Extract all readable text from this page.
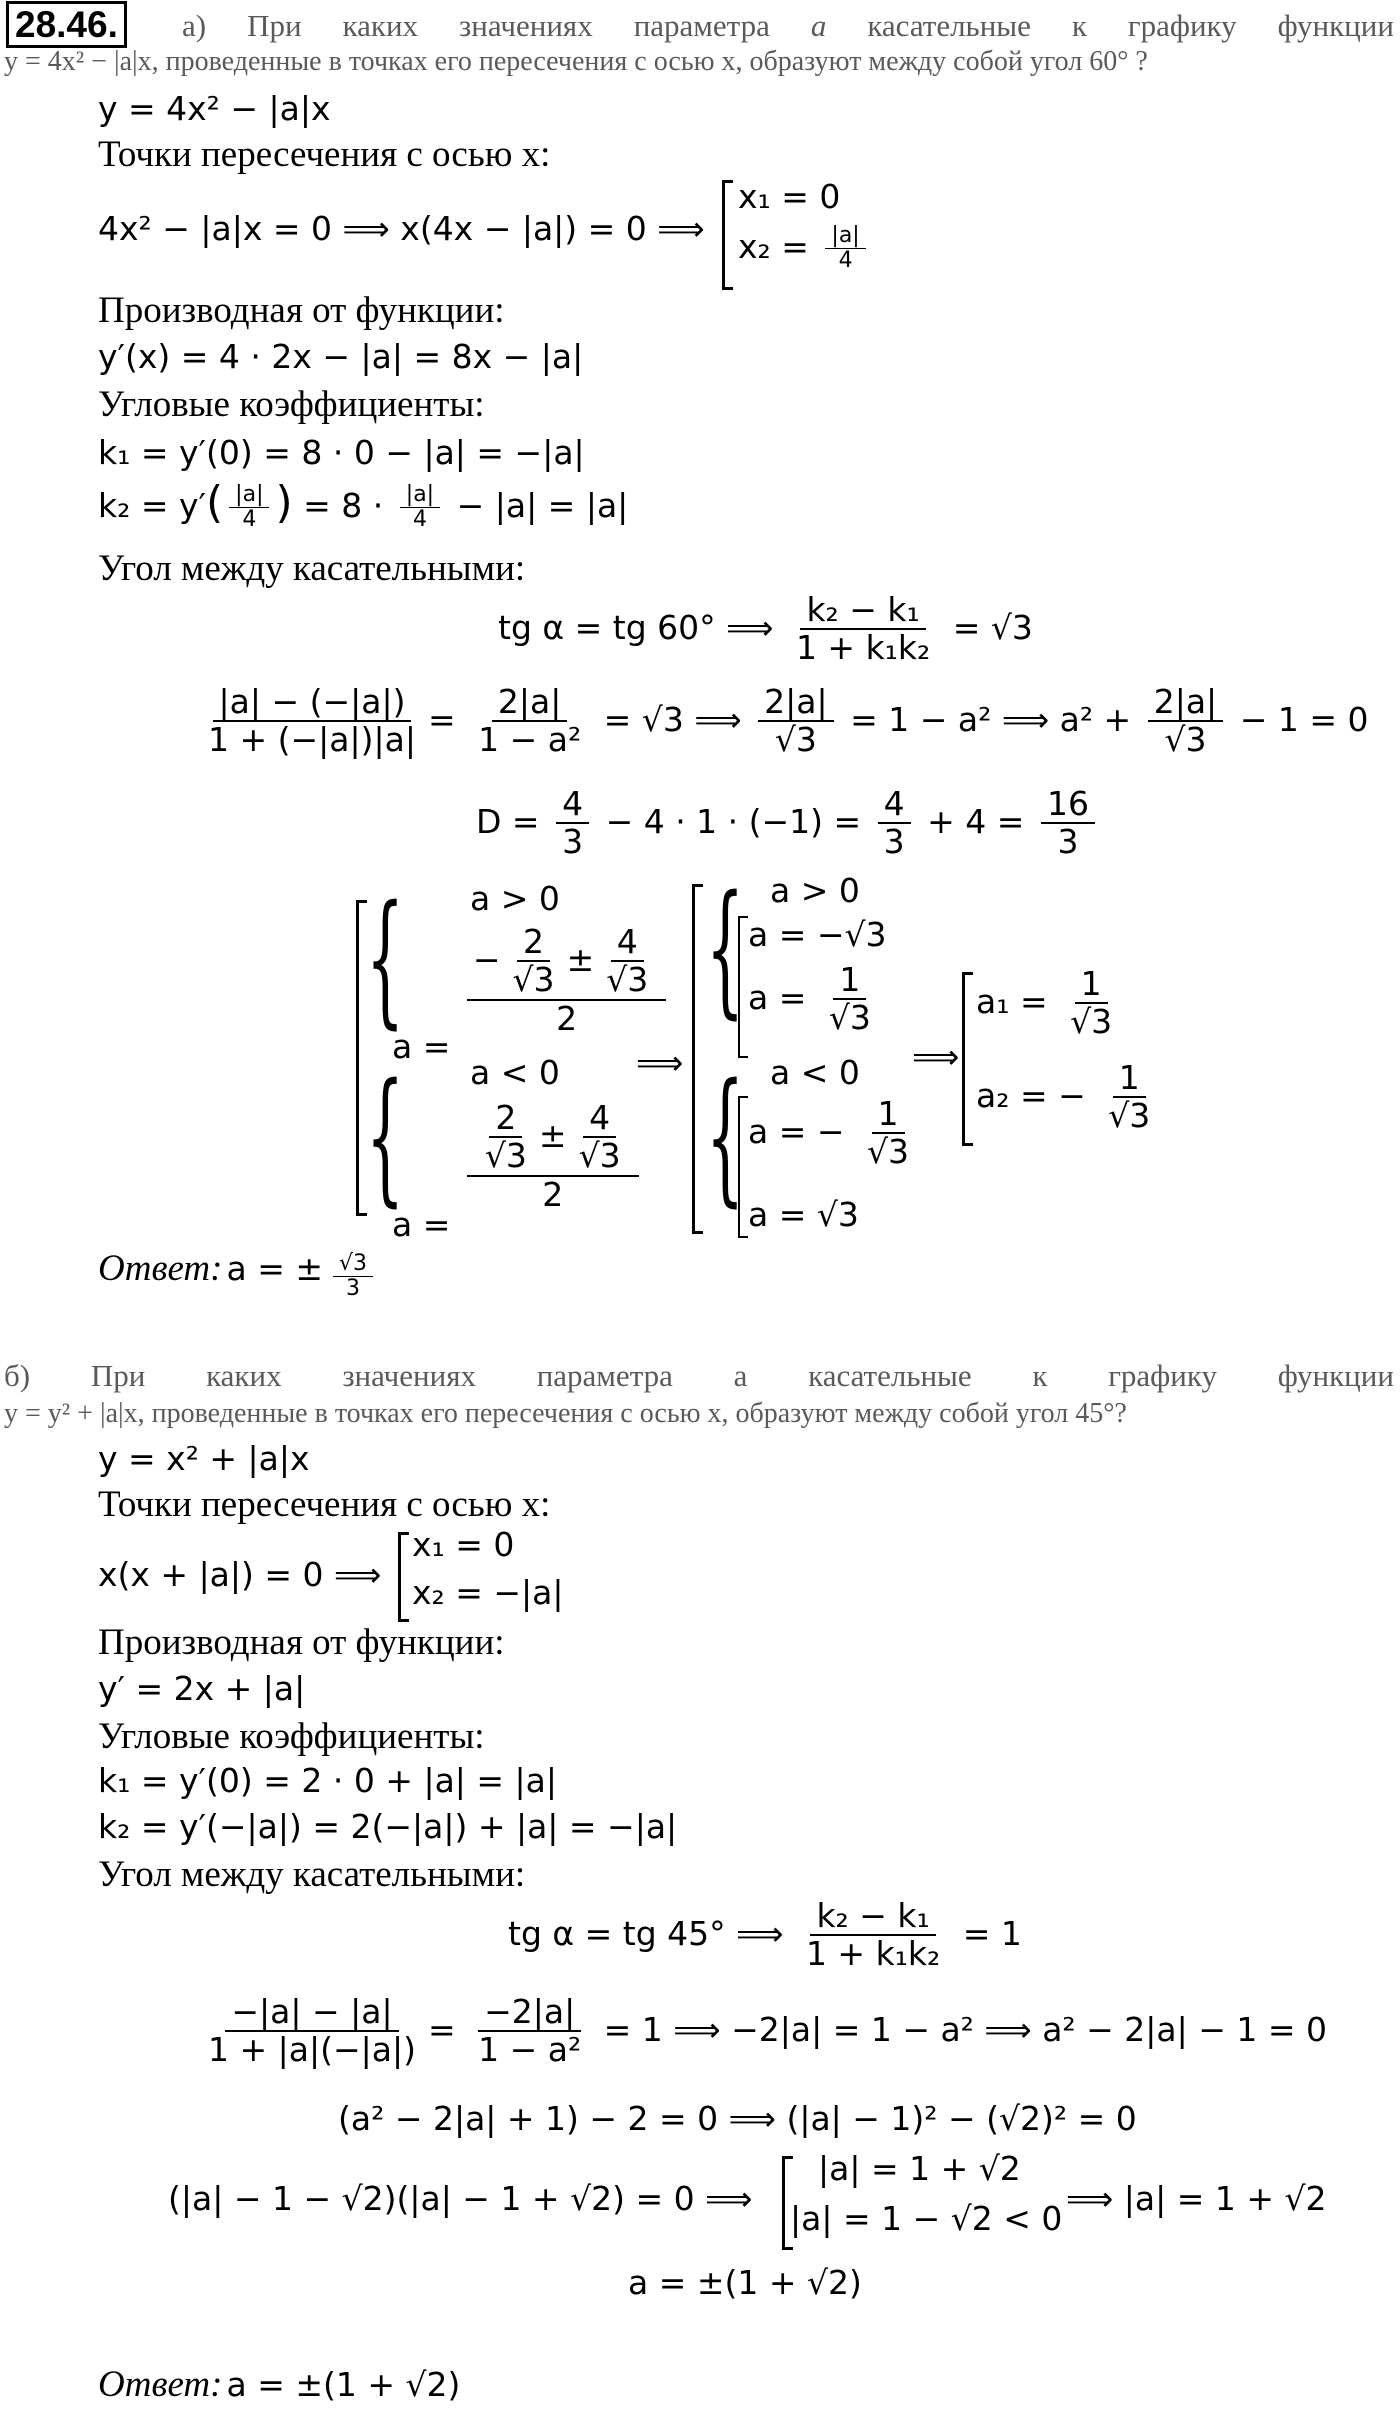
28.46. а) При каких значениях параметра a касательные к графику функции
y = 4x² − |a|x, проведенные в точках его пересечения с осью x, образуют между собой угол 60° ?
y = 4x² − |a|x
Точки пересечения с осью x:
4x² − |a|x = 0 ⟹ x(4x − |a|) = 0 ⟹
x₁ = 0
$x_2 = \frac{|a|}{4}$
Производная от функции:
y′(x) = 4 · 2x − |a| = 8x − |a|
Угловые коэффициенты:
k₁ = y′(0) = 8 · 0 − |a| = −|a|
$k_2 = y'( \frac{|a|}{4}$ ) = $8 \cdot \frac{|a|}{4} - |a| = |a|$
Угол между касательными:
tg α = tg 60° ⟹ $\frac{\text{k₂ − k₁}}{\text{1 + k₁k₂}} = √3$
$\frac{|a| - (-|a|)}{1 + (-|a|)|a|} = \frac{2|a|}{\text{1 − a²}} = √3$ ⟹ $\frac{2|a|}{√3} = 1 - a^2$ ⟹ $a^2 + \frac{2|a|}{√3} - 1 = 0$
$D = \frac{4}{3} - 4 \cdot 1 \cdot (-1) = \frac{4}{3} + 4 = \frac{16}{3}$
{ a > 0
a =
$\frac{- \frac{2}{√3} \pm \frac{4}{√3}}{2}$
{ a < 0
a =
$\frac{\frac{2}{√3} \pm \frac{4}{√3}}{2}$
⟹
{ a > 0
a = −√3
$a = \frac{1}{√3}$
{ a < 0
a = − $\frac{1}{√3}$
a = √3
⟹
$a_1 = \frac{1}{√3}$
a₂ = − $\frac{1}{√3}$
Ответ: a = ± $\frac{√3}{3}$
б) При каких значениях параметра а касательные к графику функции
y = y² + |a|x, проведенные в точках его пересечения с осью x, образуют между собой угол 45°?
y = x² + |a|x
Точки пересечения с осью x:
x(x + |a|) = 0 ⟹
x₁ = 0
x₂ = −|a|
Производная от функции:
y′ = 2x + |a|
Угловые коэффициенты:
k₁ = y′(0) = 2 · 0 + |a| = |a|
k₂ = y′(−|a|) = 2(−|a|) + |a| = −|a|
Угол между касательными:
tg α = tg 45° ⟹ $\frac{\text{k₂ − k₁}}{\text{1 + k₁k₂}} = 1$
$\frac{-|a| - |a|}{1 + |a|(-|a|)} = \frac{-2|a|}{\text{1 − a²}} = 1$ ⟹ −2|a| = 1 − a² ⟹ a² − 2|a| − 1 = 0
(a² − 2|a| + 1) − 2 = 0 ⟹ (|a| − 1)² − (√2)² = 0
(|a| − 1 − √2)(|a| − 1 + √2) = 0 ⟹
|a| = 1 + √2
|a| = 1 − √2 < 0
⟹ |a| = 1 + √2
a = ±(1 + √2)
Ответ: a = ±(1 + √2)
